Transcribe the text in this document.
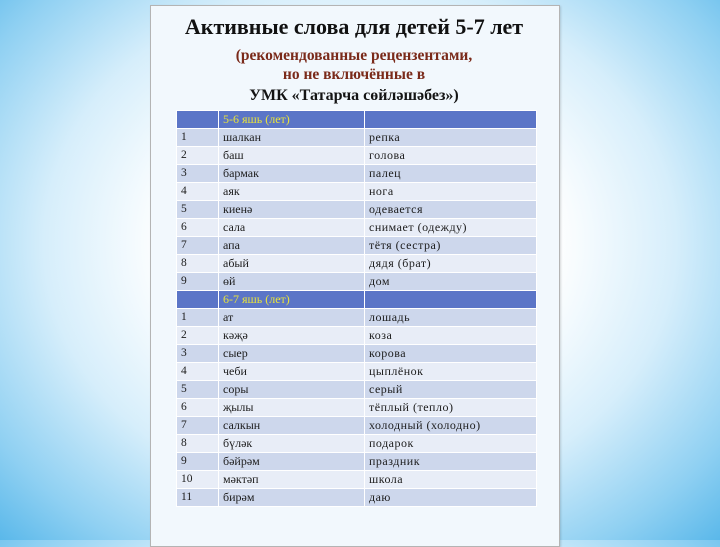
Активные слова для детей 5-7 лет
(рекомендованные рецензентами,
но не включённые в
УМК «Татарча сөйләшәбез»)
	5-6 яшь (лет)	
1	шалкан	репка
2	баш	голова
3	бармак	палец
4	аяк	нога
5	киенә	одевается
6	сала	снимает (одежду)
7	апа	тётя (сестра)
8	абый	дядя (брат)
9	өй	дом
	6-7 яшь (лет)	
1	ат	лошадь
2	кәҗә	коза
3	сыер	корова
4	чеби	цыплёнок
5	соры	серый
6	җылы	тёплый (тепло)
7	салкын	холодный (холодно)
8	бүләк	подарок
9	бәйрәм	праздник
10	мәктәп	школа
11	бирәм	даю
